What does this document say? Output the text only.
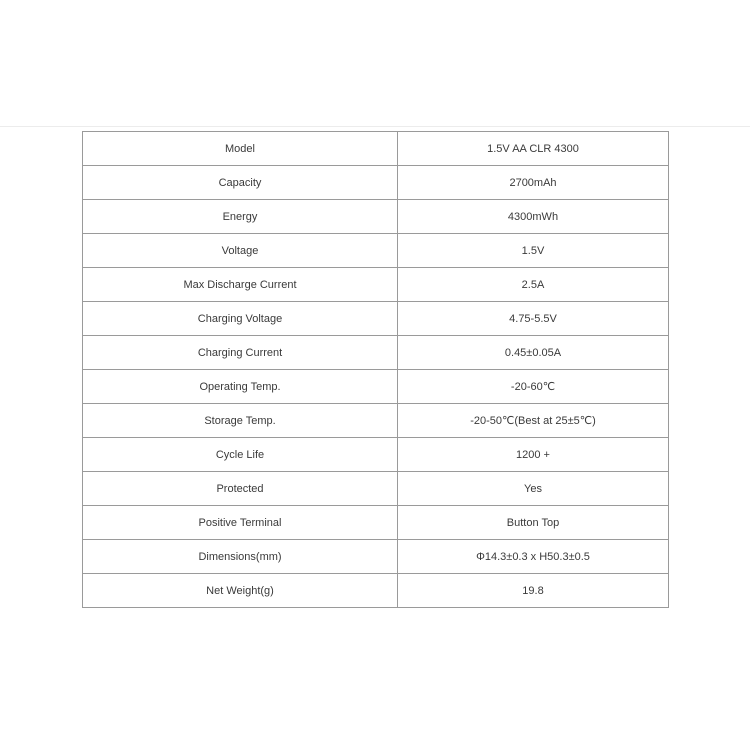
Model	1.5V AA CLR 4300
Capacity	2700mAh
Energy	4300mWh
Voltage	1.5V
Max Discharge Current	2.5A
Charging Voltage	4.75-5.5V
Charging Current	0.45±0.05A
Operating Temp.	-20-60℃
Storage Temp.	-20-50℃(Best at 25±5℃)
Cycle Life	1200 +
Protected	Yes
Positive Terminal	Button Top
Dimensions(mm)	Φ14.3±0.3 x H50.3±0.5
Net Weight(g)	19.8
